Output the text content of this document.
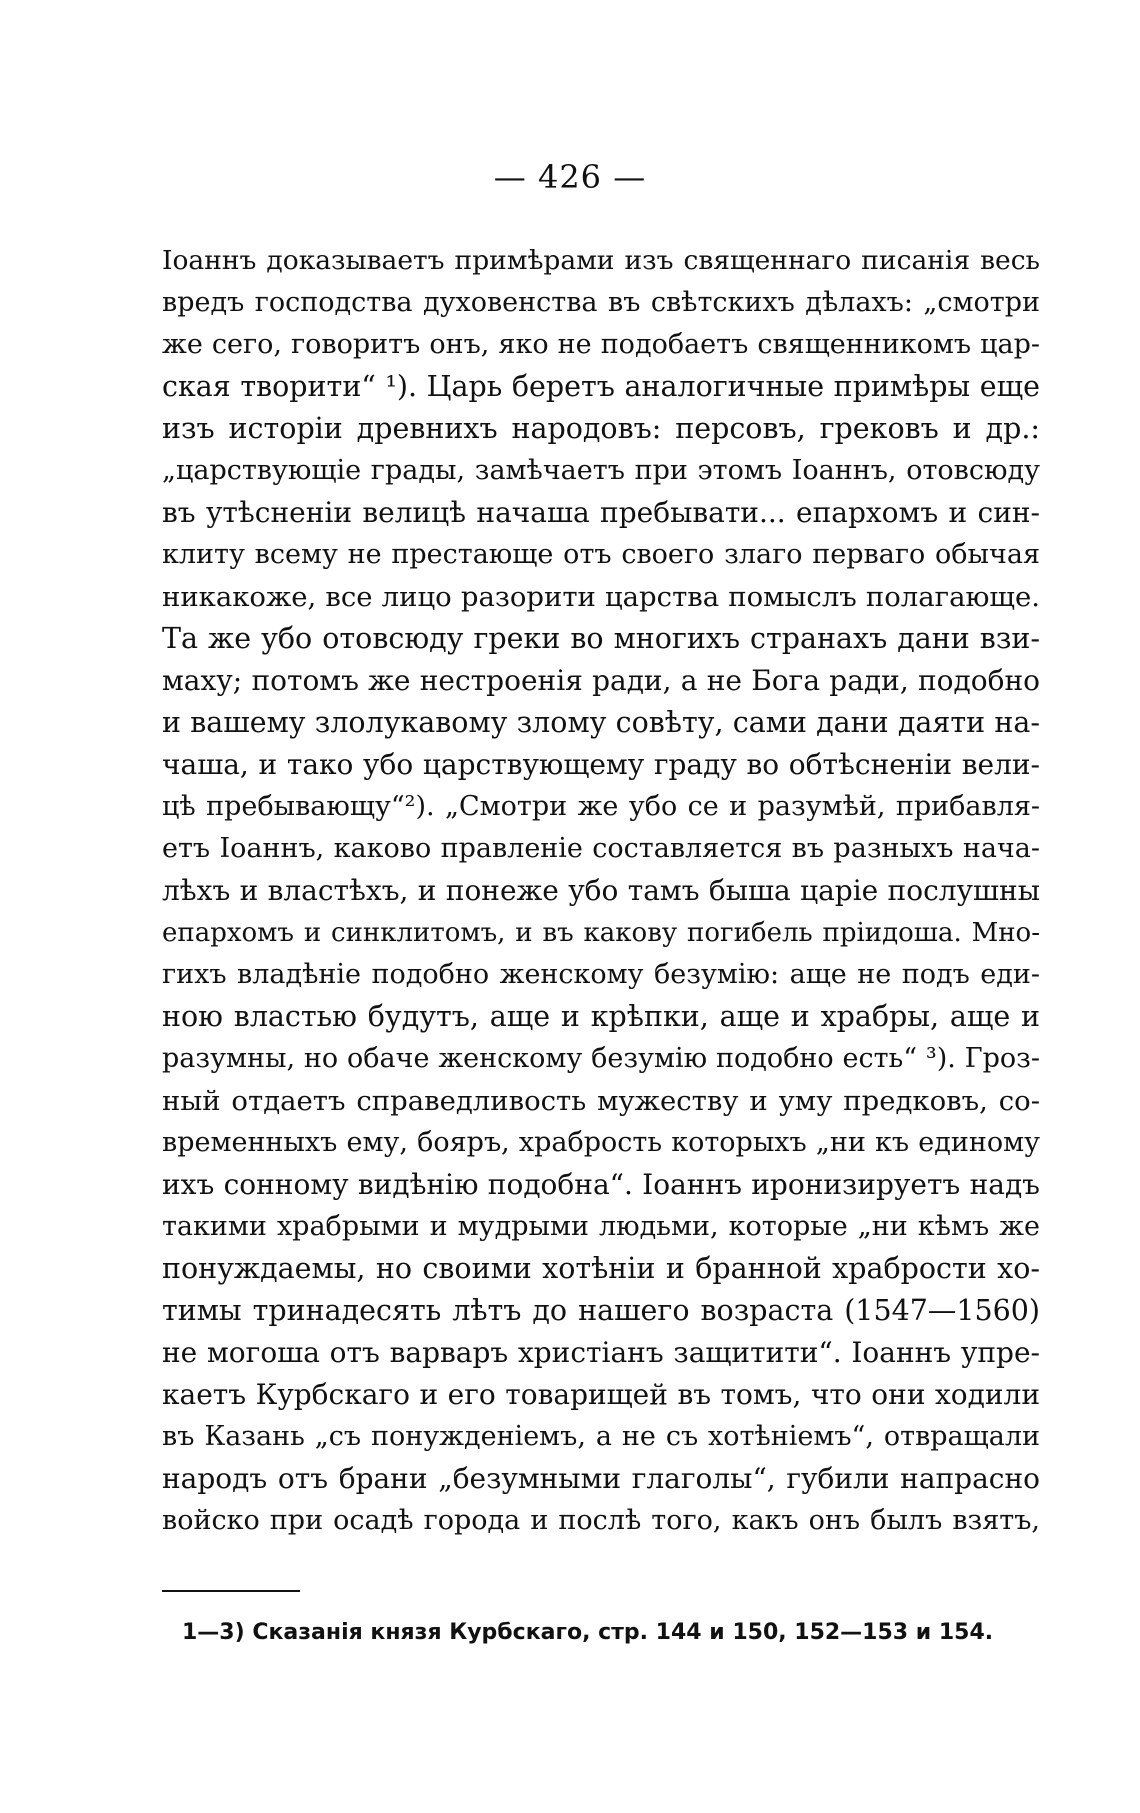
— 426 —
Іоаннъ доказываетъ примѣрами изъ священнаго писанія весь
вредъ господства духовенства въ свѣтскихъ дѣлахъ: „смотри
же сего, говоритъ онъ, яко не подобаетъ священникомъ цар-
ская творити“ ¹). Царь беретъ аналогичные примѣры еще
изъ исторіи древнихъ народовъ: персовъ, грековъ и др.:
„царствующіе грады, замѣчаетъ при этомъ Іоаннъ, отовсюду
въ утѣсненіи велицѣ начаша пребывати... епархомъ и син-
клиту всему не престающе отъ своего злаго перваго обычая
никакоже, все лицо разорити царства помыслъ полагающе.
Та же убо отовсюду греки во многихъ странахъ дани взи-
маху; потомъ же нестроенія ради, а не Бога ради, подобно
и вашему злолукавому злому совѣту, сами дани даяти на-
чаша, и тако убо царствующему граду во обтѣсненіи вели-
цѣ пребывающу“²). „Смотри же убо се и разумѣй, прибавля-
етъ Іоаннъ, каково правленіе составляется въ разныхъ нача-
лѣхъ и властѣхъ, и понеже убо тамъ быша царіе послушны
епархомъ и синклитомъ, и въ какову погибель пріидоша. Мно-
гихъ владѣніе подобно женскому безумію: аще не подъ еди-
ною властью будутъ, аще и крѣпки, аще и храбры, аще и
разумны, но обаче женскому безумію подобно есть“ ³). Гроз-
ный отдаетъ справедливость мужеству и уму предковъ, со-
временныхъ ему, бояръ, храбрость которыхъ „ни къ единому
ихъ сонному видѣнію подобна“. Іоаннъ иронизируетъ надъ
такими храбрыми и мудрыми людьми, которые „ни кѣмъ же
понуждаемы, но своими хотѣніи и бранной храбрости хо-
тимы тринадесять лѣтъ до нашего возраста (1547—1560)
не могоша отъ варваръ христіанъ защитити“. Іоаннъ упре-
каетъ Курбскаго и его товарищей въ томъ, что они ходили
въ Казань „съ понужденіемъ, а не съ хотѣніемъ“, отвращали
народъ отъ брани „безумными глаголы“, губили напрасно
войско при осадѣ города и послѣ того, какъ онъ былъ взятъ,
1—3) Сказанія князя Курбскаго, стр. 144 и 150, 152—153 и 154.
